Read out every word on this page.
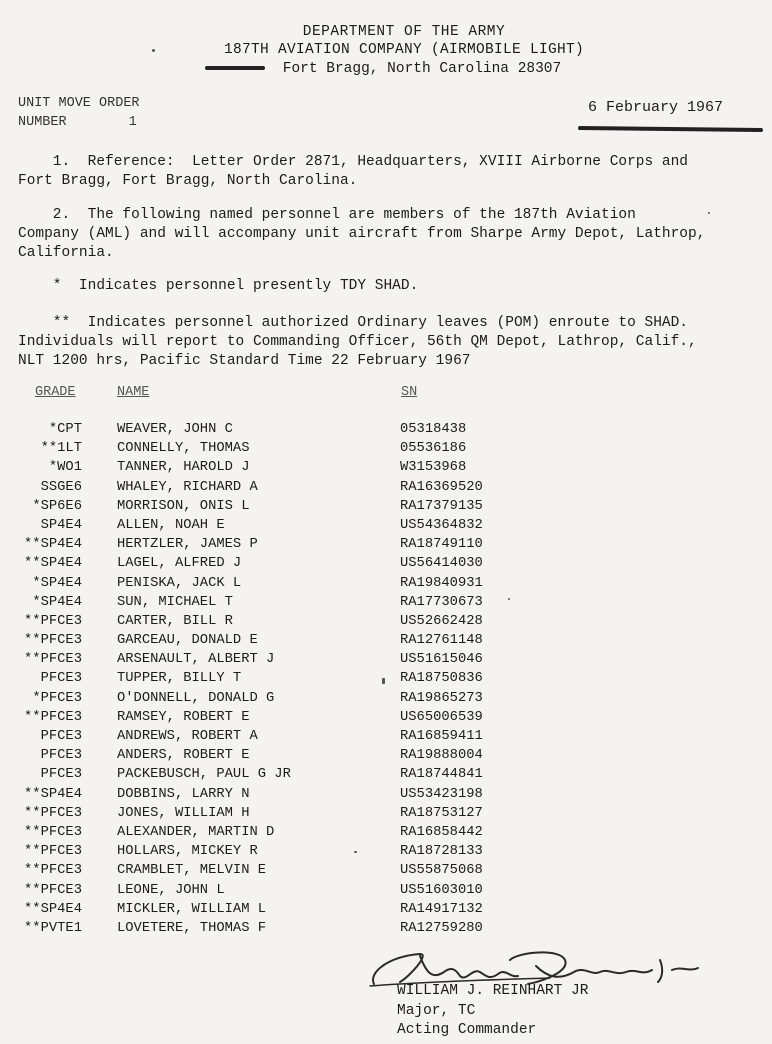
DEPARTMENT OF THE ARMY
187TH AVIATION COMPANY (AIRMOBILE LIGHT)
Fort Bragg, North Carolina 28307
UNIT MOVE ORDER
NUMBER	1
6 February 1967
1.  Reference:  Letter Order 2871, Headquarters, XVIII Airborne Corps and
Fort Bragg, Fort Bragg, North Carolina.
2.  The following named personnel are members of the 187th Aviation
Company (AML) and will accompany unit aircraft from Sharpe Army Depot, Lathrop,
California.
*  Indicates personnel presently TDY SHAD.
**  Indicates personnel authorized Ordinary leaves (POM) enroute to SHAD.
Individuals will report to Commanding Officer, 56th QM Depot, Lathrop, Calif.,
NLT 1200 hrs, Pacific Standard Time 22 February 1967
GRADE	NAME	SN
*CPT	WEAVER, JOHN C	05318438
**1LT	CONNELLY, THOMAS	05536186
*WO1	TANNER, HAROLD J	W3153968
SSGE6	WHALEY, RICHARD A	RA16369520
*SP6E6	MORRISON, ONIS L	RA17379135
SP4E4	ALLEN, NOAH E	US54364832
**SP4E4	HERTZLER, JAMES P	RA18749110
**SP4E4	LAGEL, ALFRED J	US56414030
*SP4E4	PENISKA, JACK L	RA19840931
*SP4E4	SUN, MICHAEL T	RA17730673
**PFCE3	CARTER, BILL R	US52662428
**PFCE3	GARCEAU, DONALD E	RA12761148
**PFCE3	ARSENAULT, ALBERT J	US51615046
PFCE3	TUPPER, BILLY T	RA18750836
*PFCE3	O'DONNELL, DONALD G	RA19865273
**PFCE3	RAMSEY, ROBERT E	US65006539
PFCE3	ANDREWS, ROBERT A	RA16859411
PFCE3	ANDERS, ROBERT E	RA19888004
PFCE3	PACKEBUSCH, PAUL G JR	RA18744841
**SP4E4	DOBBINS, LARRY N	US53423198
**PFCE3	JONES, WILLIAM H	RA18753127
**PFCE3	ALEXANDER, MARTIN D	RA16858442
**PFCE3	HOLLARS, MICKEY R	RA18728133
**PFCE3	CRAMBLET, MELVIN E	US55875068
**PFCE3	LEONE, JOHN L	US51603010
**SP4E4	MICKLER, WILLIAM L	RA14917132
**PVTE1	LOVETERE, THOMAS F	RA12759280
WILLIAM J. REINHART JR
Major, TC
Acting Commander
